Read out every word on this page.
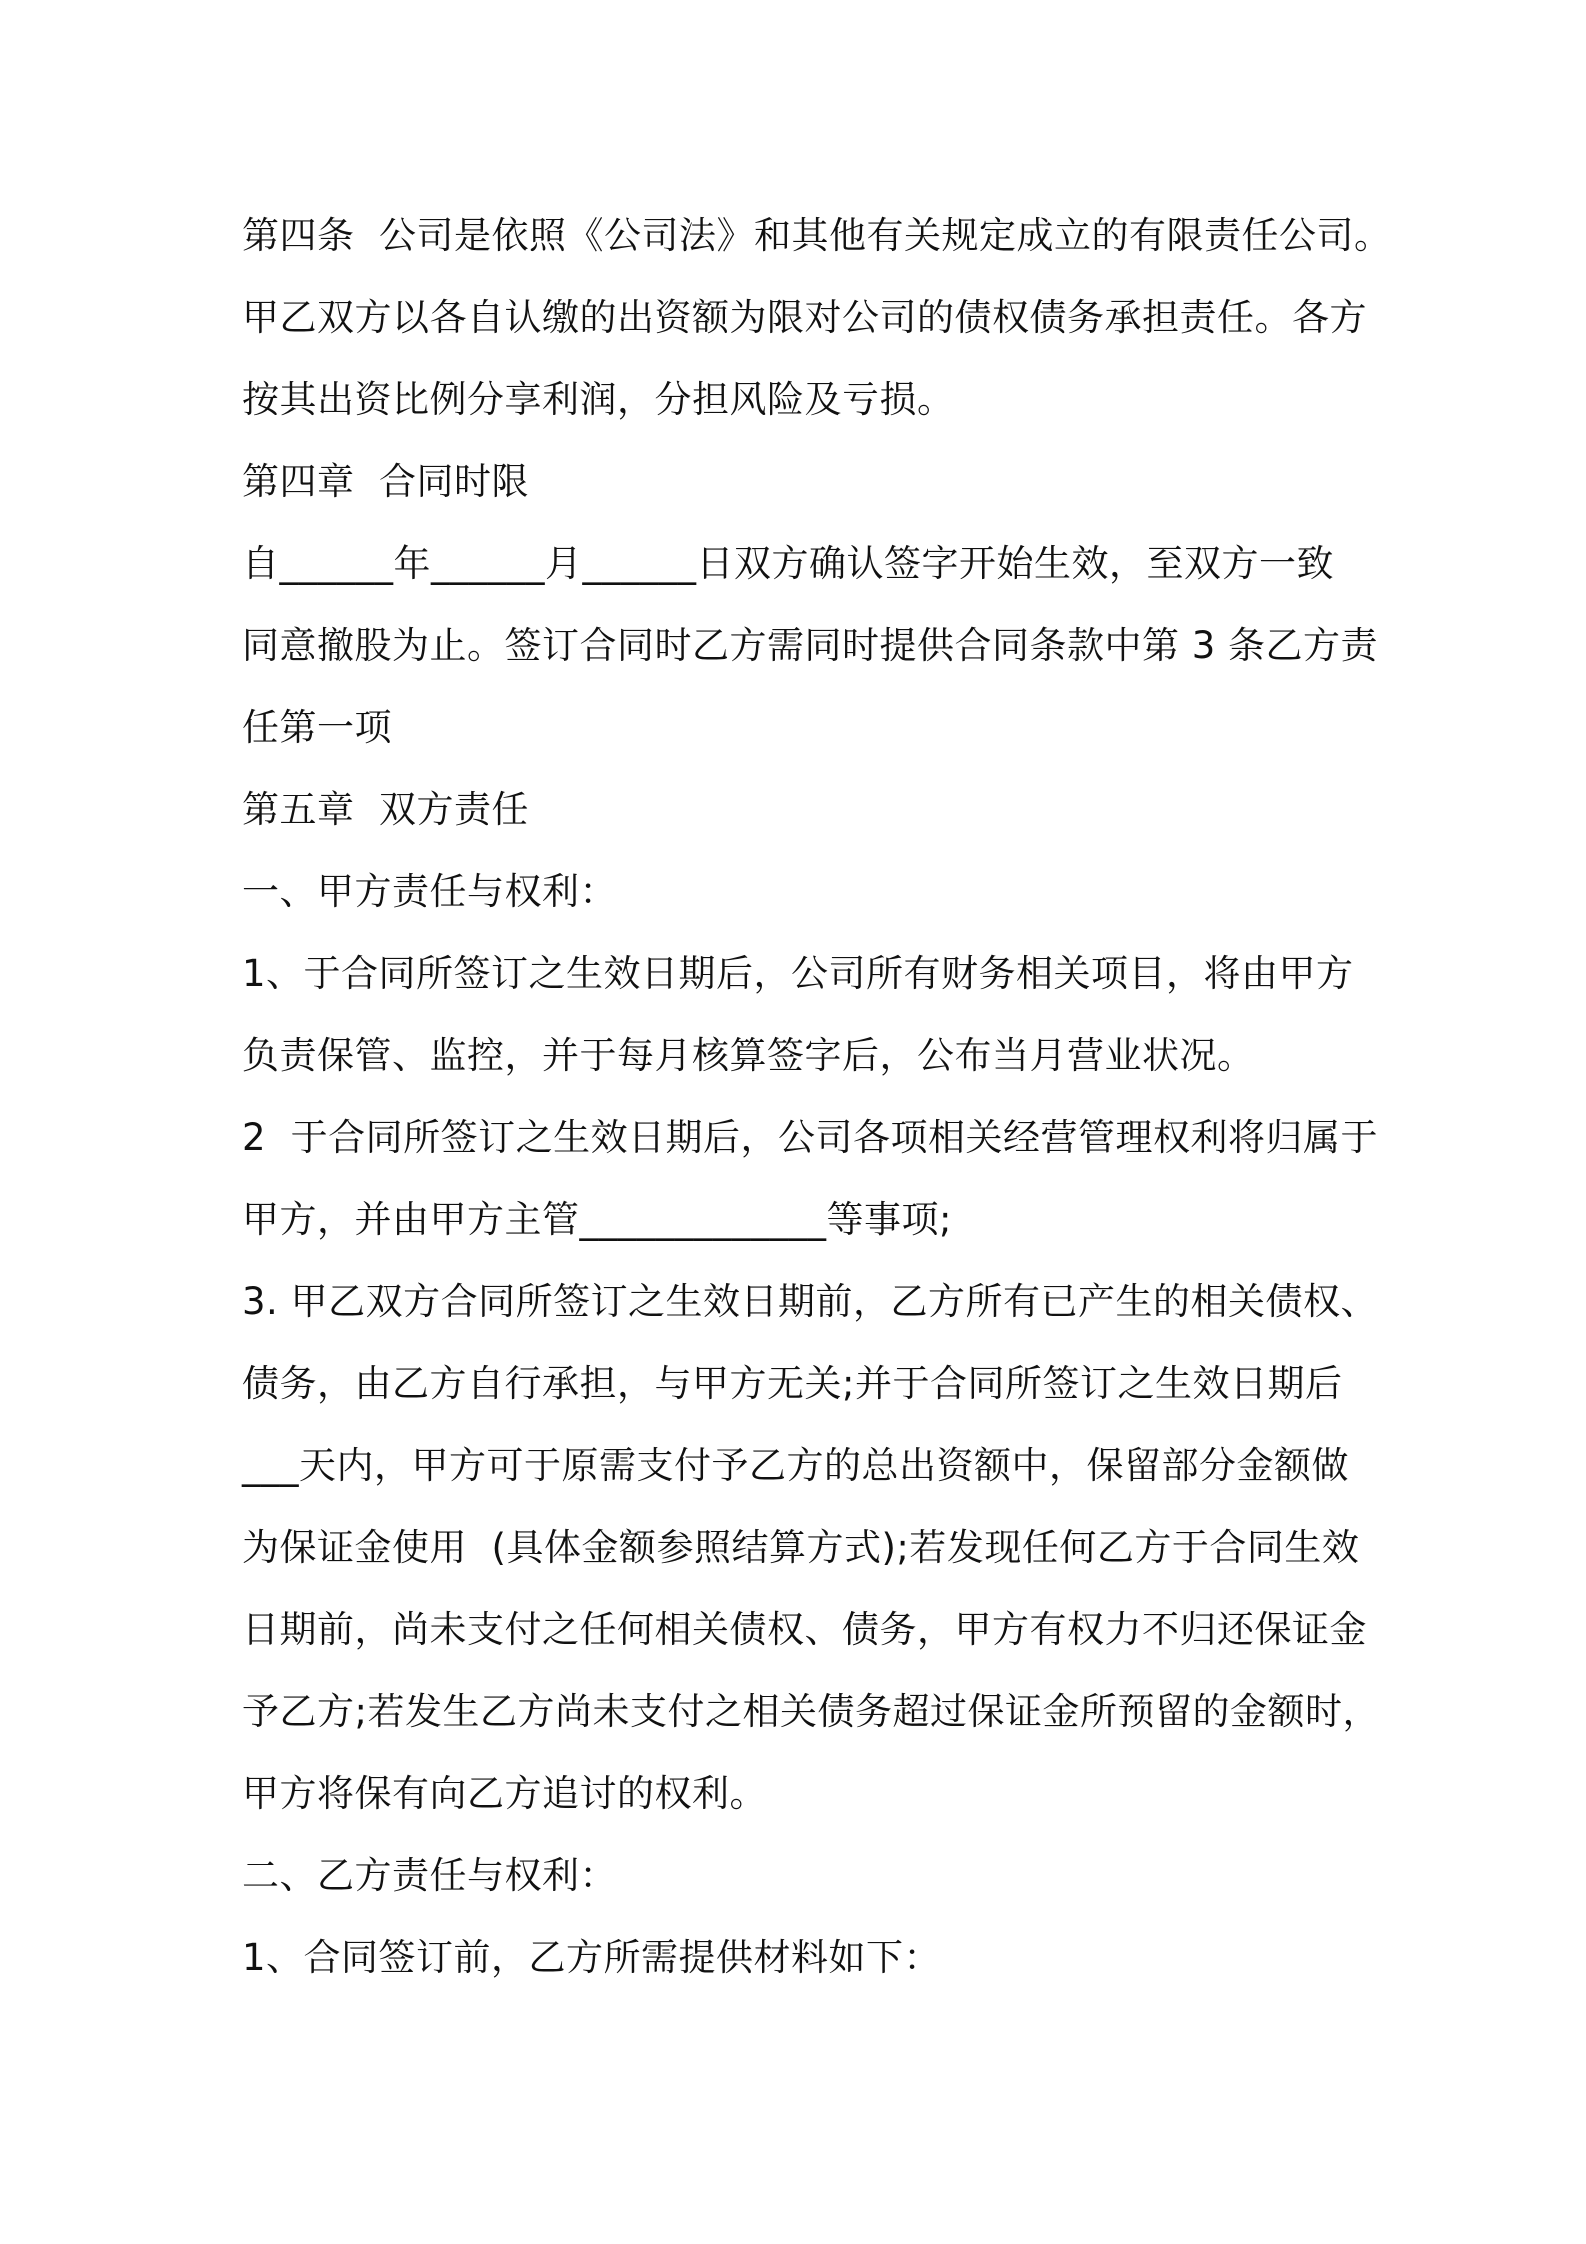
第四条  公司是依照《公司法》和其他有关规定成立的有限责任公司。

甲乙双方以各自认缴的出资额为限对公司的债权债务承担责任。各方

按其出资比例分享利润，分担风险及亏损。

第四章  合同时限

自______年______月______日双方确认签字开始生效，至双方一致

同意撤股为止。签订合同时乙方需同时提供合同条款中第 3 条乙方责

任第一项

第五章  双方责任

一、甲方责任与权利：

1、于合同所签订之生效日期后，公司所有财务相关项目，将由甲方

负责保管、监控，并于每月核算签字后，公布当月营业状况。

2  于合同所签订之生效日期后，公司各项相关经营管理权利将归属于

甲方，并由甲方主管_____________等事项;

3. 甲乙双方合同所签订之生效日期前，乙方所有已产生的相关债权、

债务，由乙方自行承担，与甲方无关;并于合同所签订之生效日期后

___天内，甲方可于原需支付予乙方的总出资额中，保留部分金额做

为保证金使用  (具体金额参照结算方式);若发现任何乙方于合同生效

日期前，尚未支付之任何相关债权、债务，甲方有权力不归还保证金

予乙方;若发生乙方尚未支付之相关债务超过保证金所预留的金额时，

甲方将保有向乙方追讨的权利。

二、乙方责任与权利：

1、合同签订前，乙方所需提供材料如下：
